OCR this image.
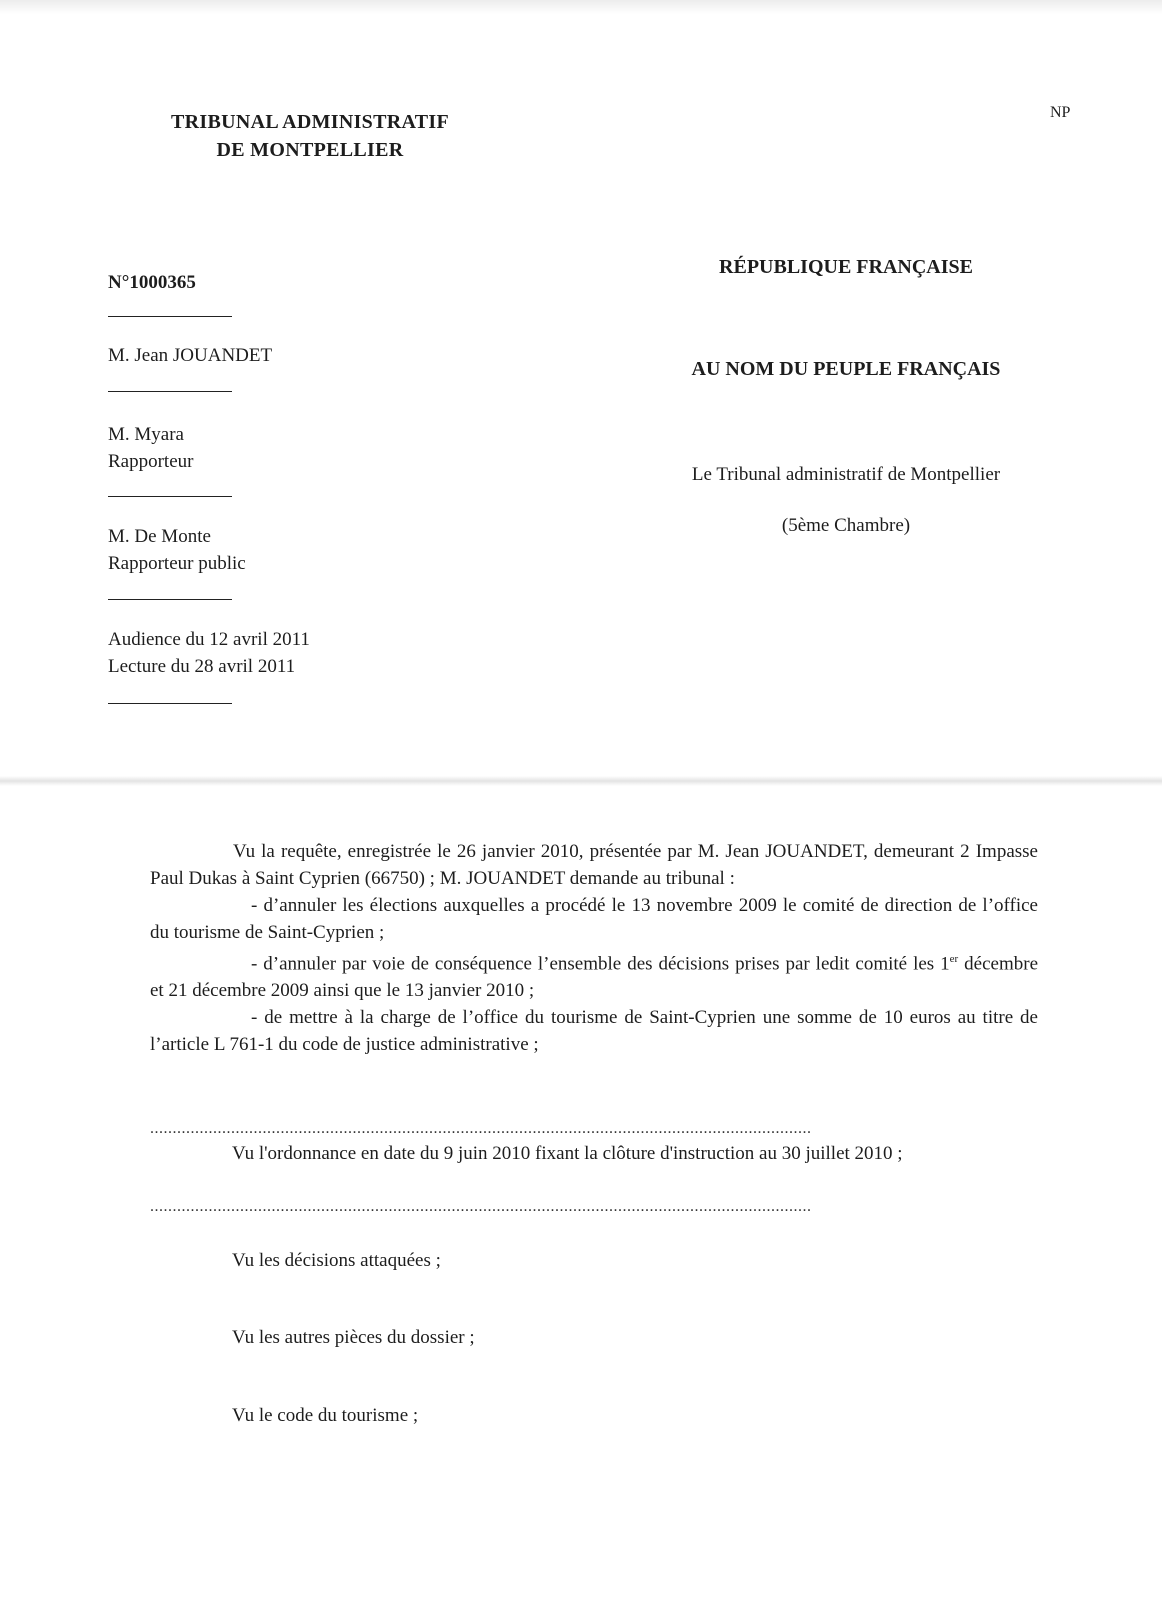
TRIBUNAL ADMINISTRATIF
DE MONTPELLIER
NP
N°1000365
M. Jean JOUANDET
M. Myara
Rapporteur
M. De Monte
Rapporteur public
Audience du 12 avril 2011
Lecture du 28 avril 2011
RÉPUBLIQUE FRANÇAISE
AU NOM DU PEUPLE FRANÇAIS
Le Tribunal administratif de Montpellier
(5ème Chambre)

Vu la requête, enregistrée le 26 janvier 2010, présentée par M. Jean JOUANDET, demeurant 2 Impasse Paul Dukas à Saint Cyprien (66750) ; M. JOUANDET demande au tribunal :

- d’annuler les élections auxquelles a procédé le 13 novembre 2009 le comité de direction de l’office du tourisme de Saint-Cyprien ;

- d’annuler par voie de conséquence l’ensemble des décisions prises par ledit comité les 1er décembre et 21 décembre 2009 ainsi que le 13 janvier 2010 ;

- de mettre à la charge de l’office du tourisme de Saint-Cyprien une somme de 10 euros au titre de l’article L 761-1 du code de justice administrative ;

...................................................................................................................................................
Vu l'ordonnance en date du 9 juin 2010 fixant la clôture d'instruction au 30 juillet 2010 ;
...................................................................................................................................................
Vu les décisions attaquées ;
Vu les autres pièces du dossier ;
Vu le code du tourisme ;
